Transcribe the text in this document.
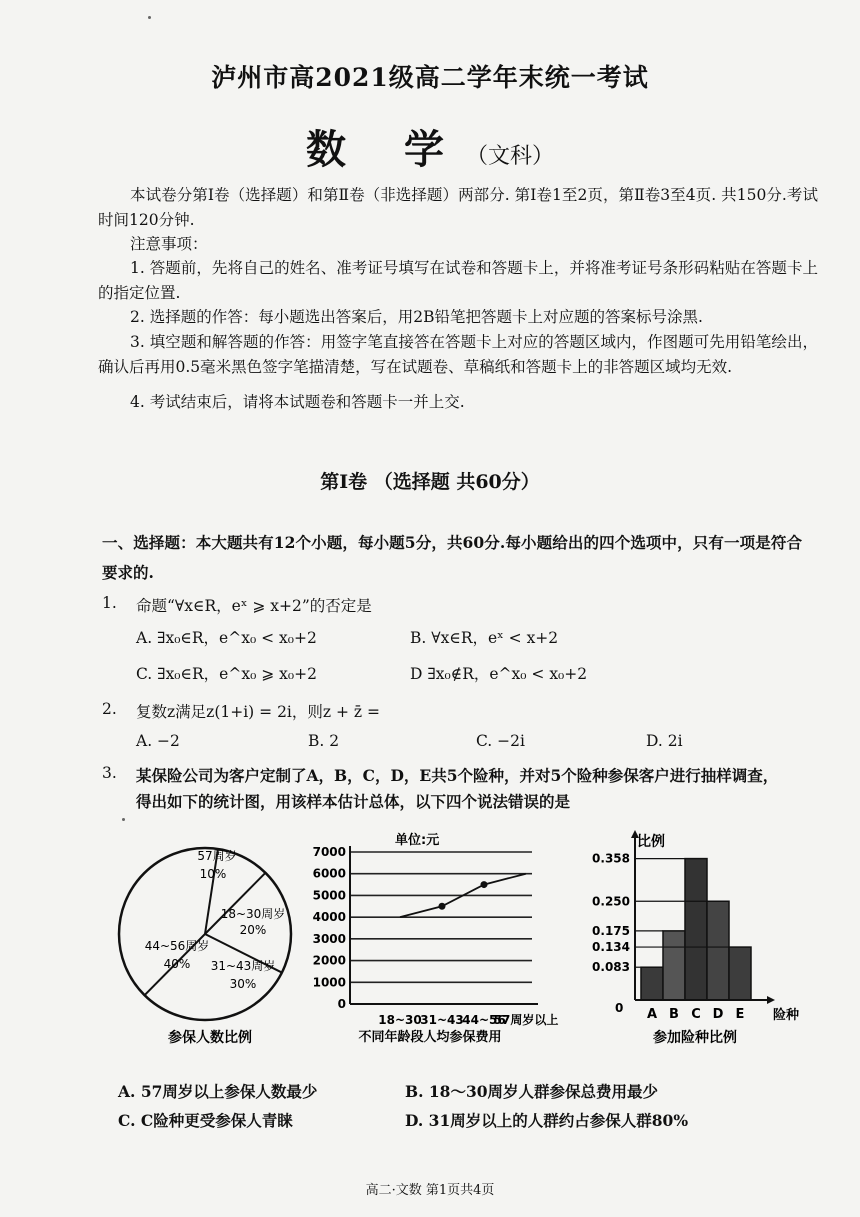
泸州市高2021级高二学年末统一考试
数 学（文科）
本试卷分第Ⅰ卷（选择题）和第Ⅱ卷（非选择题）两部分. 第Ⅰ卷1至2页，第Ⅱ卷3至4页. 共150分.考试时间120分钟.
注意事项：
1. 答题前，先将自己的姓名、准考证号填写在试卷和答题卡上，并将准考证号条形码粘贴在答题卡上的指定位置.
2. 选择题的作答：每小题选出答案后，用2B铅笔把答题卡上对应题的答案标号涂黑.
3. 填空题和解答题的作答：用签字笔直接答在答题卡上对应的答题区域内，作图题可先用铅笔绘出，确认后再用0.5毫米黑色签字笔描清楚，写在试题卷、草稿纸和答题卡上的非答题区域均无效.
4. 考试结束后，请将本试题卷和答题卡一并上交.
第Ⅰ卷 （选择题 共60分）
一、选择题：本大题共有12个小题，每小题5分，共60分.每小题给出的四个选项中，只有一项是符合要求的.
1. 命题“∀x∈R，eˣ ⩾ x+2”的否定是
A. ∃x₀∈R，e^x₀ < x₀+2	B. ∀x∈R，eˣ < x+2
C. ∃x₀∈R，e^x₀ ⩾ x₀+2	D ∃x₀∉R，e^x₀ < x₀+2
2. 复数z满足z(1+i) = 2i，则z + z̄ =
A. −2	B. 2	C. −2i	D. 2i
3. 某保险公司为客户定制了A，B，C，D，E共5个险种，并对5个险种参保客户进行抽样调查，
得出如下的统计图，用该样本估计总体，以下四个说法错误的是
44~56周岁
40%
57周岁
10%
18~30周岁
20%
31~43周岁
30%
参保人数比例
0
1000
2000
3000
4000
5000
6000
7000
18~30
31~43
44~56
57周岁以上
单位:元
不同年龄段人均参保费用
A B C D E
0.358
0.250
0.175
0.134
0.083
比例
险种
0
参加险种比例
A. 57周岁以上参保人数最少	B. 18～30周岁人群参保总费用最少
C. C险种更受参保人青睐	D. 31周岁以上的人群约占参保人群80%
高二·文数 第1页共4页
